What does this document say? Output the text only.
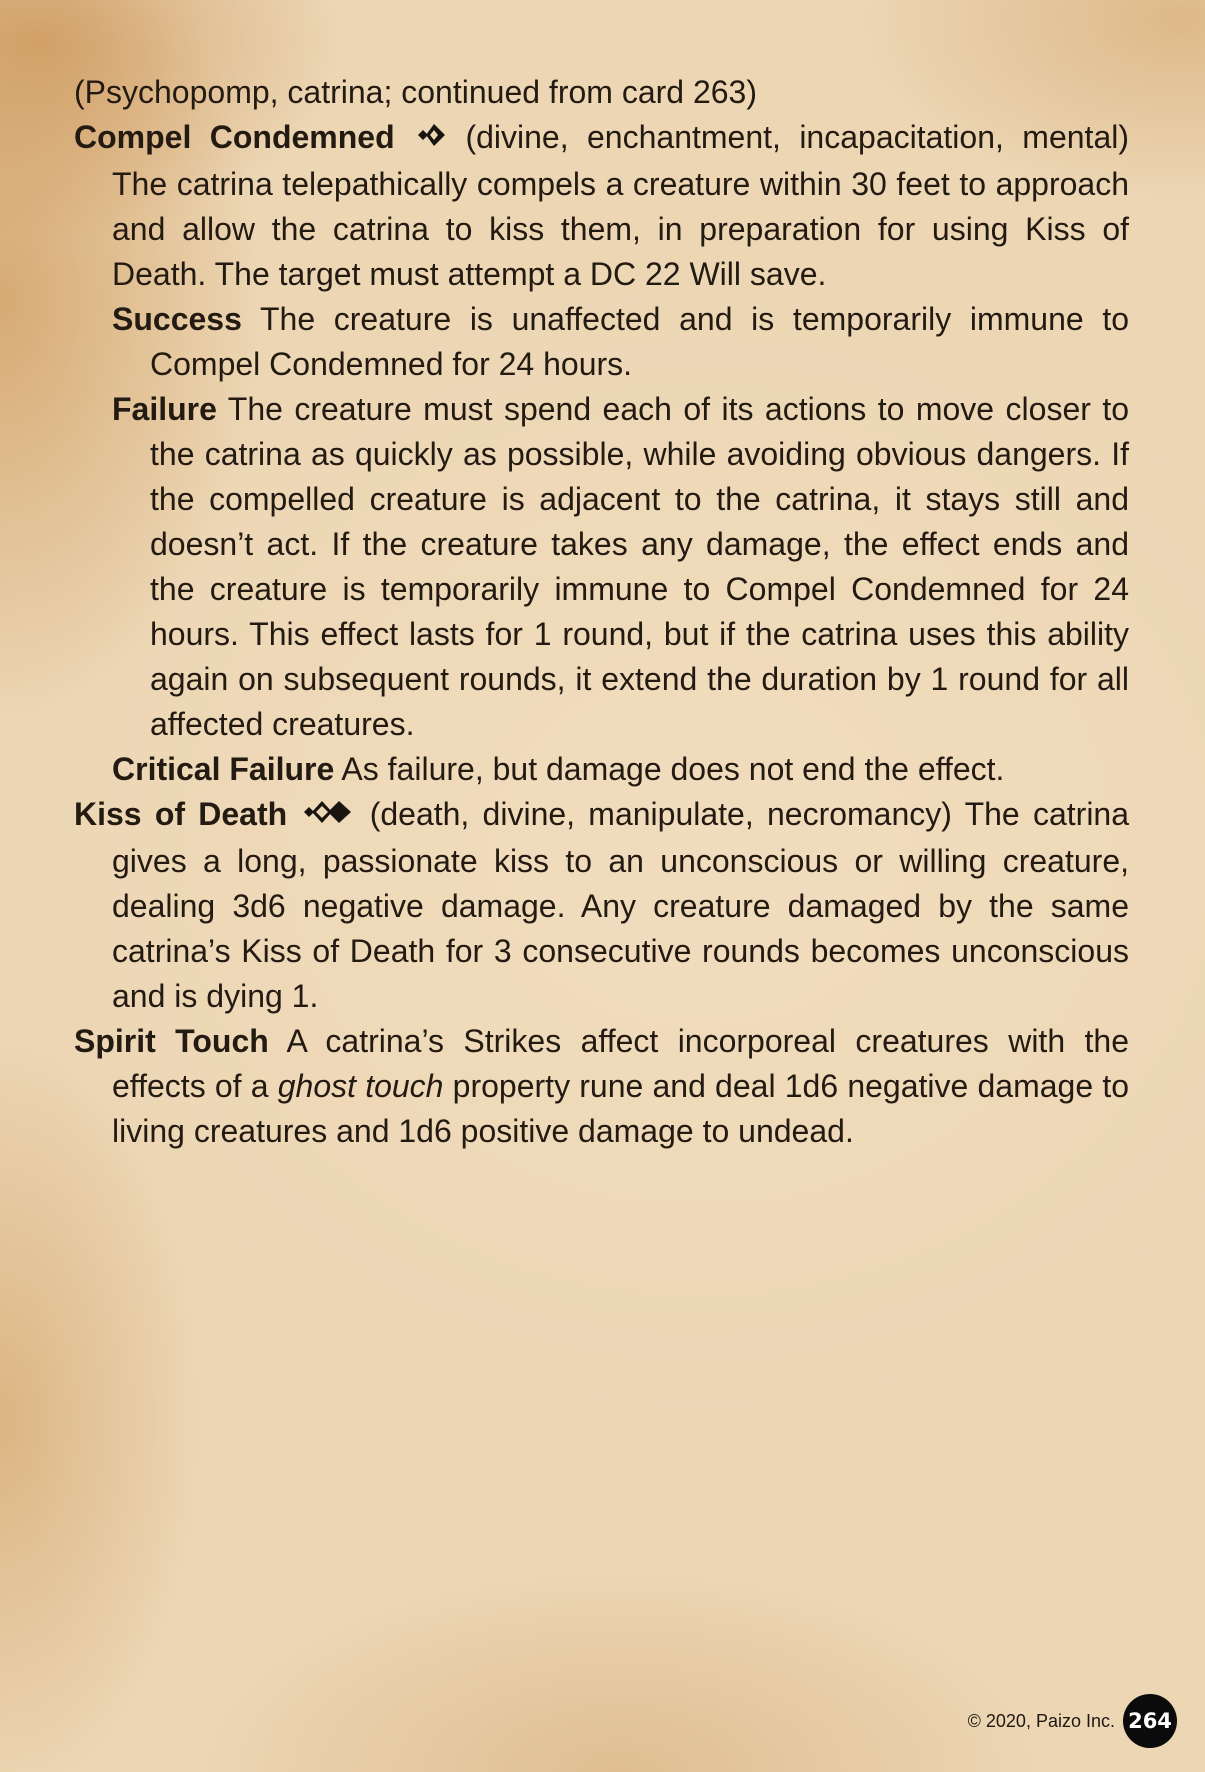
(Psychopomp, catrina; continued from card 263)

Compel Condemned (divine, enchantment, incapacitation, mental) The catrina telepathically compels a creature within 30 feet to approach and allow the catrina to kiss them, in preparation for using Kiss of Death. The target must attempt a DC 22 Will save.

Success The creature is unaffected and is temporarily immune to Compel Condemned for 24 hours.

Failure The creature must spend each of its actions to move closer to the catrina as quickly as possible, while avoiding obvious dangers. If the compelled creature is adjacent to the catrina, it stays still and doesn’t act. If the creature takes any damage, the effect ends and the creature is temporarily immune to Compel Condemned for 24 hours. This effect lasts for 1 round, but if the catrina uses this ability again on subsequent rounds, it extend the duration by 1 round for all affected creatures.

Critical Failure As failure, but damage does not end the effect.

Kiss of Death	(death, divine, manipulate, necromancy) The catrina gives a long, passionate kiss to an unconscious or willing creature, dealing 3d6 negative damage. Any creature damaged by the same catrina’s Kiss of Death for 3 consecutive rounds becomes unconscious and is dying 1.

Spirit Touch A catrina’s Strikes affect incorporeal creatures with the effects of a ghost touch property rune and deal 1d6 negative damage to living creatures and 1d6 positive damage to undead.

© 2020, Paizo Inc. 264
